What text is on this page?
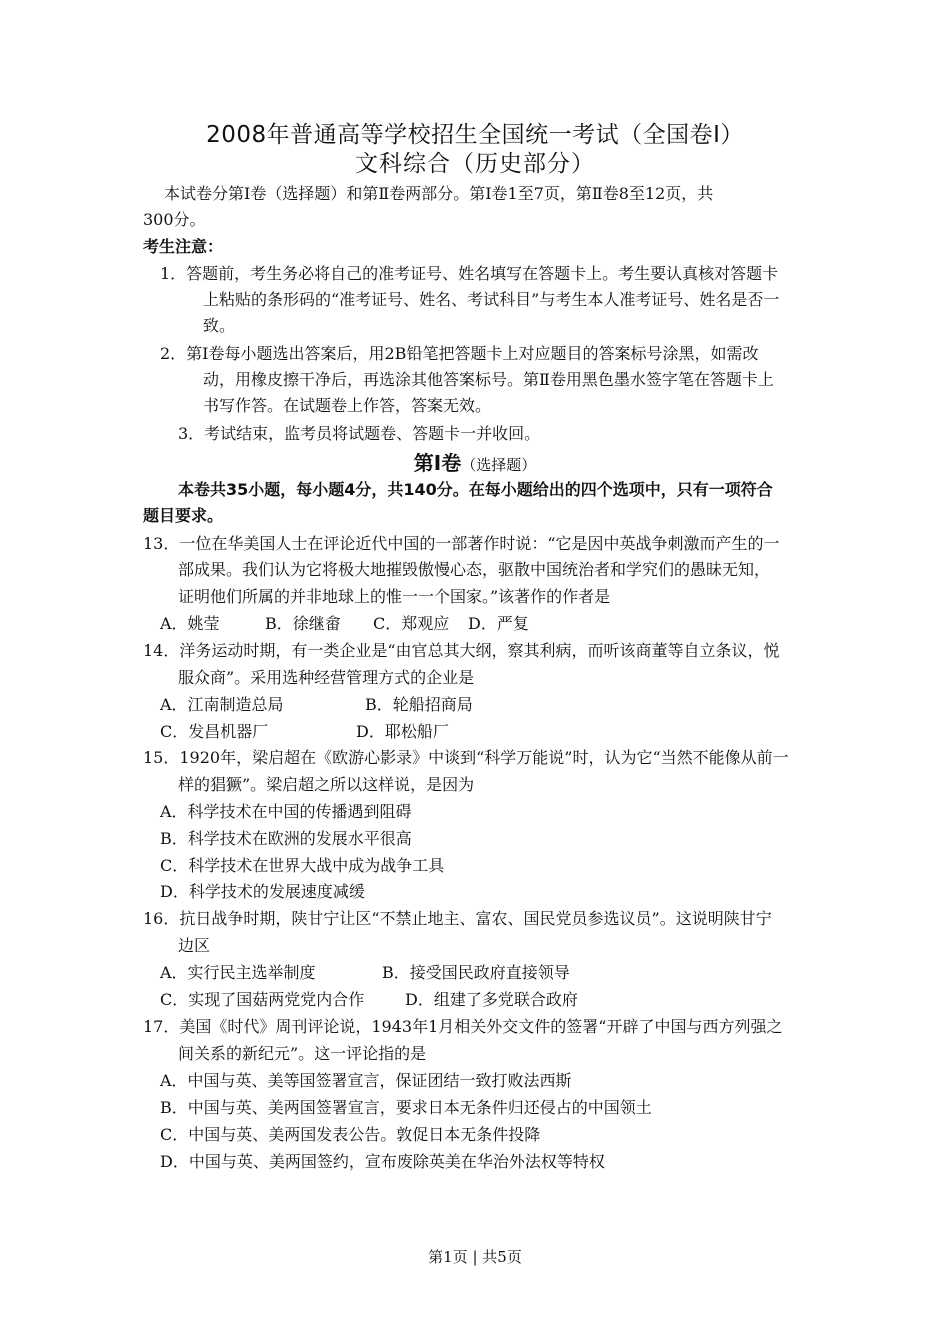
2008年普通高等学校招生全国统一考试（全国卷Ⅰ）
文科综合（历史部分）
本试卷分第Ⅰ卷（选择题）和第Ⅱ卷两部分。第Ⅰ卷1至7页，第Ⅱ卷8至12页，共
300分。
考生注意：
1．答题前，考生务必将自己的准考证号、姓名填写在答题卡上。考生要认真核对答题卡
上粘贴的条形码的“准考证号、姓名、考试科目”与考生本人准考证号、姓名是否一
致。
2．第Ⅰ卷每小题选出答案后，用2B铅笔把答题卡上对应题目的答案标号涂黑，如需改
动，用橡皮擦干净后，再选涂其他答案标号。第Ⅱ卷用黑色墨水签字笔在答题卡上
书写作答。在试题卷上作答，答案无效。
3．考试结束，监考员将试题卷、答题卡一并收回。
第Ⅰ卷（选择题）
本卷共35小题，每小题4分，共140分。在每小题给出的四个选项中，只有一项符合
题目要求。
13．一位在华美国人士在评论近代中国的一部著作时说：“它是因中英战争刺激而产生的一
部成果。我们认为它将极大地摧毁傲慢心态，驱散中国统治者和学究们的愚昧无知，
证明他们所属的并非地球上的惟一一个国家。”该著作的作者是
A．姚莹	B．徐继畲 C．郑观应 D．严复
14．洋务运动时期，有一类企业是“由官总其大纲，察其利病，而听该商董等自立条议，悦
服众商”。采用选种经营管理方式的企业是
A．江南制造总局	B．轮船招商局
C．发昌机器厂	D．耶松船厂
15．1920年，梁启超在《欧游心影录》中谈到“科学万能说”时，认为它“当然不能像从前一
样的猖獗”。梁启超之所以这样说，是因为
A．科学技术在中国的传播遇到阻碍
B．科学技术在欧洲的发展水平很高
C．科学技术在世界大战中成为战争工具
D．科学技术的发展速度减缓
16．抗日战争时期，陕甘宁让区“不禁止地主、富农、国民党员参选议员”。这说明陕甘宁
边区
A．实行民主选举制度	B．接受国民政府直接领导
C．实现了国菇两党党内合作	D．组建了多党联合政府
17．美国《时代》周刊评论说，1943年1月相关外交文件的签署“开辟了中国与西方列强之
间关系的新纪元”。这一评论指的是
A．中国与英、美等国签署宣言，保证团结一致打败法西斯
B．中国与英、美两国签署宣言，要求日本无条件归还侵占的中国领土
C．中国与英、美两国发表公告。敦促日本无条件投降
D．中国与英、美两国签约，宣布废除英美在华治外法权等特权
第1页 | 共5页
